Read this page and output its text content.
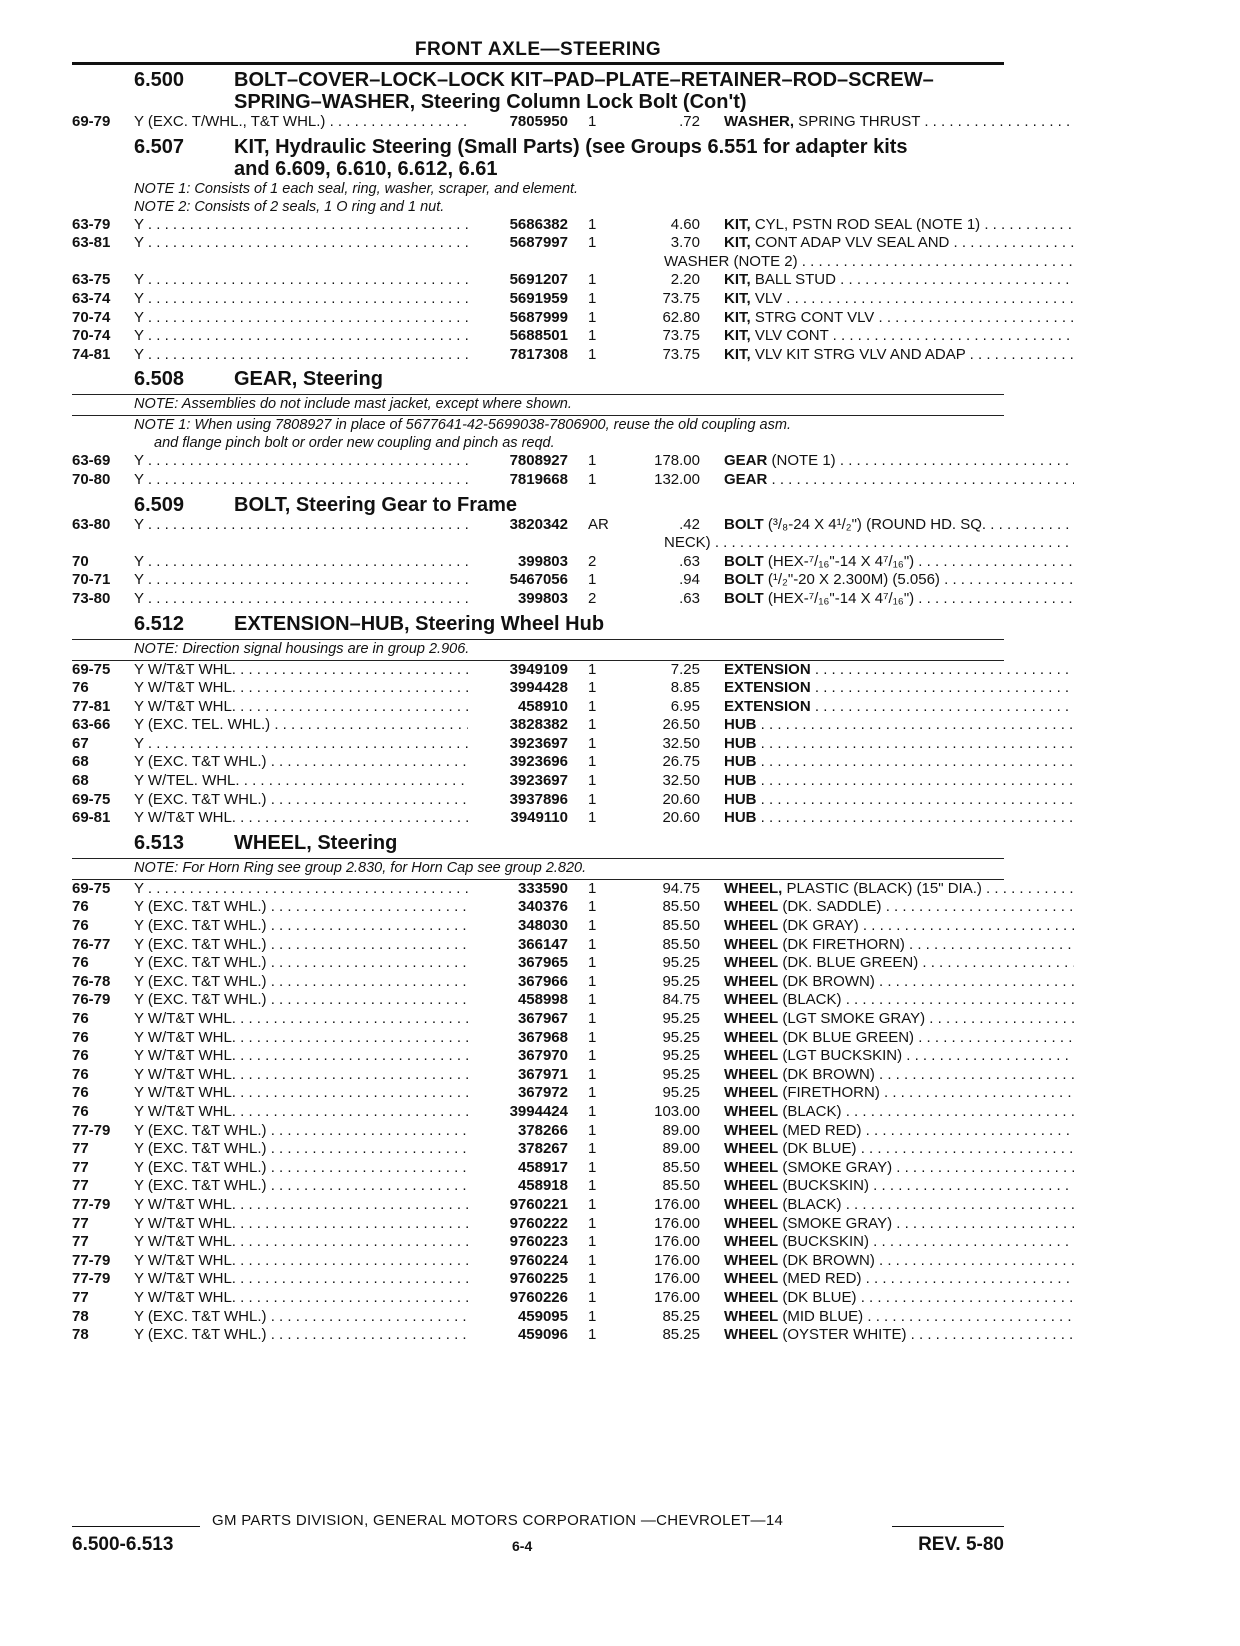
FRONT AXLE—STEERING
6.500 BOLT–COVER–LOCK–LOCK KIT–PAD–PLATE–RETAINER–ROD–SCREW–
SPRING–WASHER, Steering Column Lock Bolt (Con't)
69-79	Y (EXC. T/WHL., T&T WHL.) . . .	7805950 1	.72 WASHER, SPRING THRUST . . .
6.507 KIT, Hydraulic Steering (Small Parts) (see Groups 6.551 for adapter kits
and 6.609, 6.610, 6.612, 6.61
NOTE 1: Consists of 1 each seal, ring, washer, scraper, and element.
NOTE 2: Consists of 2 seals, 1 O ring and 1 nut.
63-79	Y . . .	5686382 1	4.60 KIT, CYL, PSTN ROD SEAL (NOTE 1) . . .
63-81	Y . . .	5687997 1	3.70 KIT, CONT ADAP VLV SEAL AND . . .
WASHER (NOTE 2) . . .
63-75	Y . . .	5691207 1	2.20 KIT, BALL STUD . . .
63-74	Y . . .	5691959 1	73.75 KIT, VLV . . .
70-74	Y . . .	5687999 1	62.80 KIT, STRG CONT VLV . . .
70-74	Y . . .	5688501 1	73.75 KIT, VLV CONT . . .
74-81	Y . . .	7817308 1	73.75 KIT, VLV KIT STRG VLV AND ADAP . . .
6.508 GEAR, Steering
NOTE: Assemblies do not include mast jacket, except where shown.
NOTE 1: When using 7808927 in place of 5677641-42-5699038-7806900, reuse the old coupling asm.
and flange pinch bolt or order new coupling and pinch as reqd.
63-69	Y . . .	7808927 1	178.00 GEAR (NOTE 1) . . .
70-80	Y . . .	7819668 1	132.00 GEAR . . .
6.509 BOLT, Steering Gear to Frame
63-80	Y . . .	3820342 AR	.42 BOLT (³/₈-24 X 4¹/₂") (ROUND HD. SQ. . . .
NECK) . . .
70	Y . . .	399803 2	.63 BOLT (HEX-⁷/₁₆"-14 X 4⁷/₁₆") . . .
70-71	Y . . .	5467056 1	.94 BOLT (¹/₂"-20 X 2.300M) (5.056) . . .
73-80	Y . . .	399803 2	.63 BOLT (HEX-⁷/₁₆"-14 X 4⁷/₁₆") . . .
6.512 EXTENSION–HUB, Steering Wheel Hub
NOTE: Direction signal housings are in group 2.906.
69-75	Y W/T&T WHL. . . .	3949109 1	7.25 EXTENSION . . .
76	Y W/T&T WHL. . . .	3994428 1	8.85 EXTENSION . . .
77-81	Y W/T&T WHL. . . .	458910 1	6.95 EXTENSION . . .
63-66	Y (EXC. TEL. WHL.) . . .	3828382 1	26.50 HUB . . .
67	Y . . .	3923697 1	32.50 HUB . . .
68	Y (EXC. T&T WHL.) . . .	3923696 1	26.75 HUB . . .
68	Y W/TEL. WHL. . . .	3923697 1	32.50 HUB . . .
69-75	Y (EXC. T&T WHL.) . . .	3937896 1	20.60 HUB . . .
69-81	Y W/T&T WHL. . . .	3949110 1	20.60 HUB . . .
6.513 WHEEL, Steering
NOTE: For Horn Ring see group 2.830, for Horn Cap see group 2.820.
69-75	Y . . .	333590 1	94.75 WHEEL, PLASTIC (BLACK) (15" DIA.) . . .
76	Y (EXC. T&T WHL.) . . .	340376 1	85.50 WHEEL (DK. SADDLE) . . .
76	Y (EXC. T&T WHL.) . . .	348030 1	85.50 WHEEL (DK GRAY) . . .
76-77	Y (EXC. T&T WHL.) . . .	366147 1	85.50 WHEEL (DK FIRETHORN) . . .
76	Y (EXC. T&T WHL.) . . .	367965 1	95.25 WHEEL (DK. BLUE GREEN) . . .
76-78	Y (EXC. T&T WHL.) . . .	367966 1	95.25 WHEEL (DK BROWN) . . .
76-79	Y (EXC. T&T WHL.) . . .	458998 1	84.75 WHEEL (BLACK) . . .
76	Y W/T&T WHL. . . .	367967 1	95.25 WHEEL (LGT SMOKE GRAY) . . .
76	Y W/T&T WHL. . . .	367968 1	95.25 WHEEL (DK BLUE GREEN) . . .
76	Y W/T&T WHL. . . .	367970 1	95.25 WHEEL (LGT BUCKSKIN) . . .
76	Y W/T&T WHL. . . .	367971 1	95.25 WHEEL (DK BROWN) . . .
76	Y W/T&T WHL. . . .	367972 1	95.25 WHEEL (FIRETHORN) . . .
76	Y W/T&T WHL. . . .	3994424 1	103.00 WHEEL (BLACK) . . .
77-79	Y (EXC. T&T WHL.) . . .	378266 1	89.00 WHEEL (MED RED) . . .
77	Y (EXC. T&T WHL.) . . .	378267 1	89.00 WHEEL (DK BLUE) . . .
77	Y (EXC. T&T WHL.) . . .	458917 1	85.50 WHEEL (SMOKE GRAY) . . .
77	Y (EXC. T&T WHL.) . . .	458918 1	85.50 WHEEL (BUCKSKIN) . . .
77-79	Y W/T&T WHL. . . .	9760221 1	176.00 WHEEL (BLACK) . . .
77	Y W/T&T WHL. . . .	9760222 1	176.00 WHEEL (SMOKE GRAY) . . .
77	Y W/T&T WHL. . . .	9760223 1	176.00 WHEEL (BUCKSKIN) . . .
77-79	Y W/T&T WHL. . . .	9760224 1	176.00 WHEEL (DK BROWN) . . .
77-79	Y W/T&T WHL. . . .	9760225 1	176.00 WHEEL (MED RED) . . .
77	Y W/T&T WHL. . . .	9760226 1	176.00 WHEEL (DK BLUE) . . .
78	Y (EXC. T&T WHL.) . . .	459095 1	85.25 WHEEL (MID BLUE) . . .
78	Y (EXC. T&T WHL.) . . .	459096 1	85.25 WHEEL (OYSTER WHITE) . . .
GM PARTS DIVISION, GENERAL MOTORS CORPORATION —CHEVROLET—14
6.500-6.513	6-4	REV. 5-80
